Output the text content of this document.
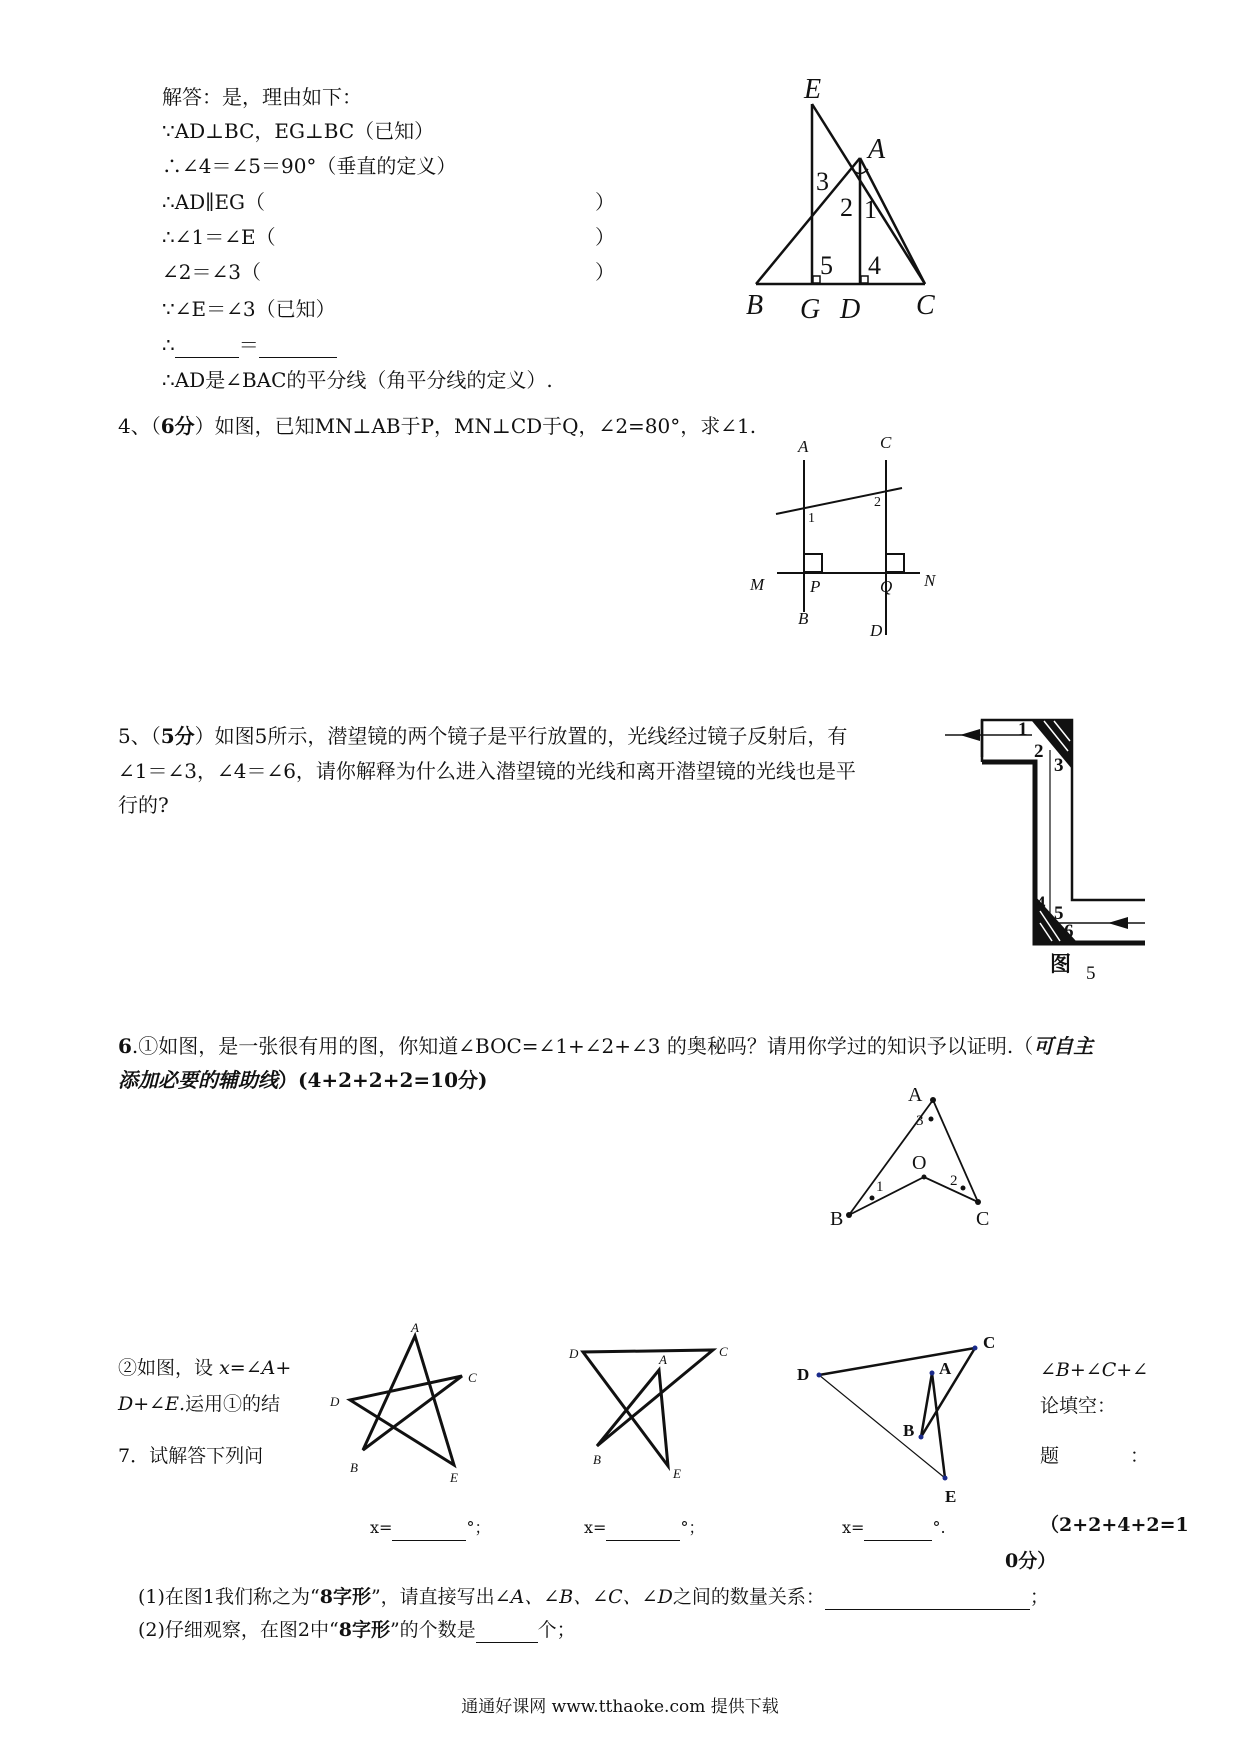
解答：是，理由如下：
∵AD⊥BC，EG⊥BC（已知）
∴∠4＝∠5＝90°（垂直的定义）
∴AD∥EG（	）
∴∠1＝∠E（	）
∠2＝∠3（	）
∵∠E＝∠3（已知）
∴	＝
∴AD是∠BAC的平分线（角平分线的定义）.
E
A
B G D C
3
2 1
5 4
4、（6分）如图，已知MN⊥AB于P，MN⊥CD于Q，∠2=80°，求∠1.
A	C
M	P	Q N
B
D
1
2
5、（5分）如图5所示，潜望镜的两个镜子是平行放置的，光线经过镜子反射后，有
∠1＝∠3，∠4＝∠6，请你解释为什么进入潜望镜的光线和离开潜望镜的光线也是平
行的?
1
2
3
4 5
6
图 5
6.①如图，是一张很有用的图，你知道∠BOC=∠1+∠2+∠3 的奥秘吗？请用你学过的知识予以证明.（可自主
添加必要的辅助线）(4+2+2+2=10分)
A
O
B	C
3
1	2
②如图，设 x=∠A+
D+∠E.运用①的结
7．试解答下列问
∠B+∠C+∠
论填空：
题	：
（2+2+4+2=1
0分）
A
C
D
B
E
D	A
C
B
E
D
C
A
B
E
x=	°；	x=	°；	x=	°.
(1)在图1我们称之为“8字形”，请直接写出∠A、∠B、∠C、∠D之间的数量关系：	；
(2)仔细观察，在图2中“8字形”的个数是	个；
通通好课网 www.tthaoke.com 提供下载
